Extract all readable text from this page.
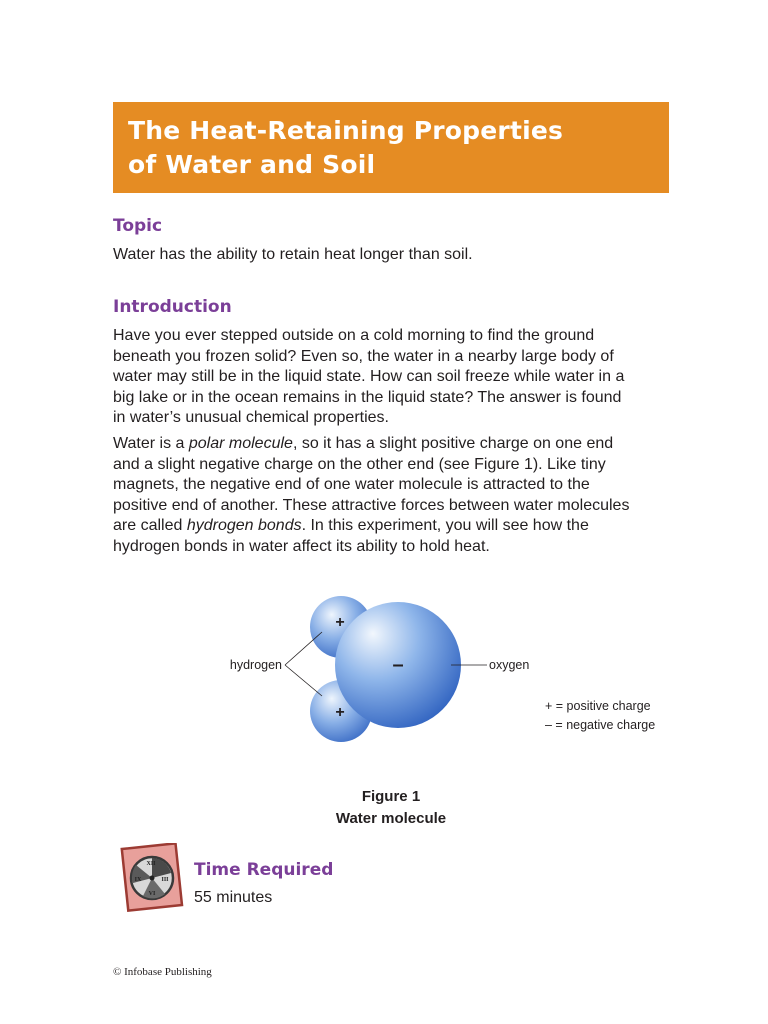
The Heat-Retaining Properties
of Water and Soil
Topic
Water has the ability to retain heat longer than soil.
Introduction
Have you ever stepped outside on a cold morning to find the ground
beneath you frozen solid? Even so, the water in a nearby large body of
water may still be in the liquid state. How can soil freeze while water in a
big lake or in the ocean remains in the liquid state? The answer is found
in water’s unusual chemical properties.
Water is a polar molecule, so it has a slight positive charge on one end
and a slight negative charge on the other end (see Figure 1). Like tiny
magnets, the negative end of one water molecule is attracted to the
positive end of another. These attractive forces between water molecules
are called hydrogen bonds. In this experiment, you will see how the
hydrogen bonds in water affect its ability to hold heat.
+
+
–
hydrogen	oxygen
+ = positive charge
– = negative charge
Figure 1
Water molecule
XII
III
VI
IX	Time Required
55 minutes
© Infobase Publishing
